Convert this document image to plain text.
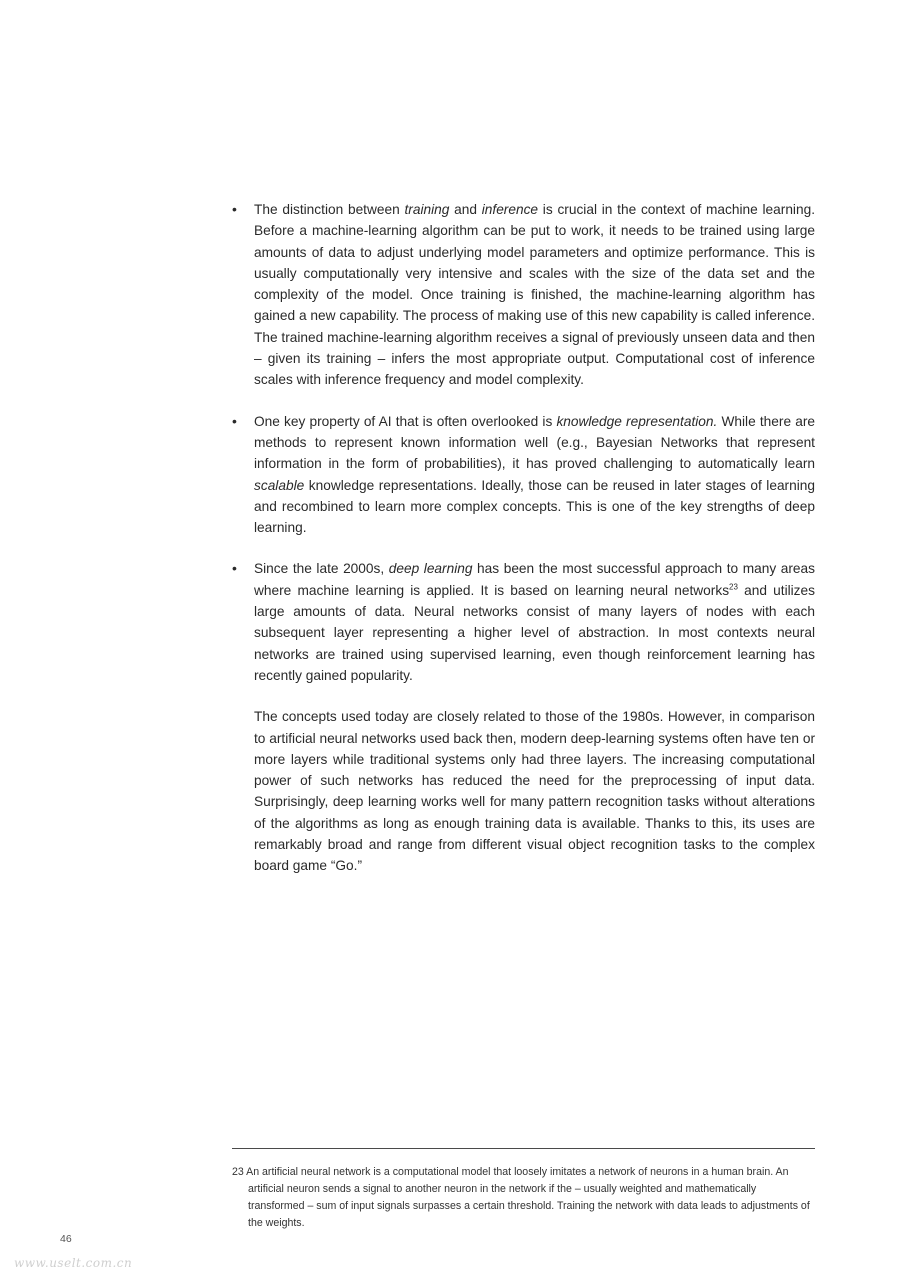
• The distinction between training and inference is crucial in the context of machine learning. Before a machine-learning algorithm can be put to work, it needs to be trained using large amounts of data to adjust underlying model parameters and optimize performance. This is usually computationally very intensive and scales with the size of the data set and the complexity of the model. Once training is finished, the machine-learning algorithm has gained a new capability. The process of making use of this new capability is called inference. The trained machine-learning algorithm receives a signal of previously unseen data and then – given its training – infers the most appropriate output. Computational cost of inference scales with inference frequency and model complexity.

• One key property of AI that is often overlooked is knowledge representation. While there are methods to represent known information well (e.g., Bayesian Networks that represent information in the form of probabilities), it has proved challenging to automatically learn scalable knowledge representations. Ideally, those can be reused in later stages of learning and recombined to learn more complex concepts. This is one of the key strengths of deep learning.

• Since the late 2000s, deep learning has been the most successful approach to many areas where machine learning is applied. It is based on learning neural networks$^{23}$ and utilizes large amounts of data. Neural networks consist of many layers of nodes with each subsequent layer representing a higher level of abstraction. In most contexts neural networks are trained using supervised learning, even though reinforcement learning has recently gained popularity.

The concepts used today are closely related to those of the 1980s. However, in comparison to artificial neural networks used back then, modern deep-learning systems often have ten or more layers while traditional systems only had three layers. The increasing computational power of such networks has reduced the need for the preprocessing of input data. Surprisingly, deep learning works well for many pattern recognition tasks without alterations of the algorithms as long as enough training data is available. Thanks to this, its uses are remarkably broad and range from different visual object recognition tasks to the complex board game “Go.”

23 An artificial neural network is a computational model that loosely imitates a network of neurons in a human brain. An artificial neuron sends a signal to another neuron in the network if the – usually weighted and mathematically transformed – sum of input signals surpasses a certain threshold. Training the network with data leads to adjustments of the weights.

46
www.uselt.com.cn
